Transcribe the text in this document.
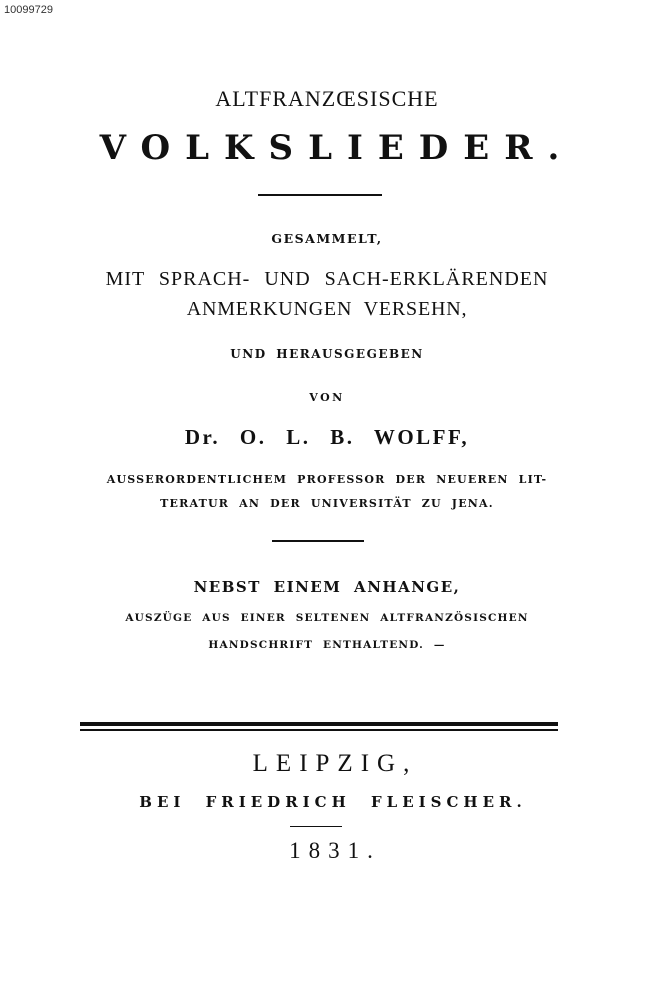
10099729
ALTFRANZŒSISCHE
VOLKSLIEDER.
GESAMMELT,
MIT SPRACH- UND SACH-ERKLÄRENDEN
ANMERKUNGEN VERSEHN,
UND HERAUSGEGEBEN
VON
Dr. O. L. B. WOLFF,
AUSSERORDENTLICHEM PROFESSOR DER NEUEREN LIT-
TERATUR AN DER UNIVERSITÄT ZU JENA.
NEBST EINEM ANHANGE,
AUSZÜGE AUS EINER SELTENEN ALTFRANZÖSISCHEN
HANDSCHRIFT ENTHALTEND. —
LEIPZIG,
BEI FRIEDRICH FLEISCHER.
1831.
